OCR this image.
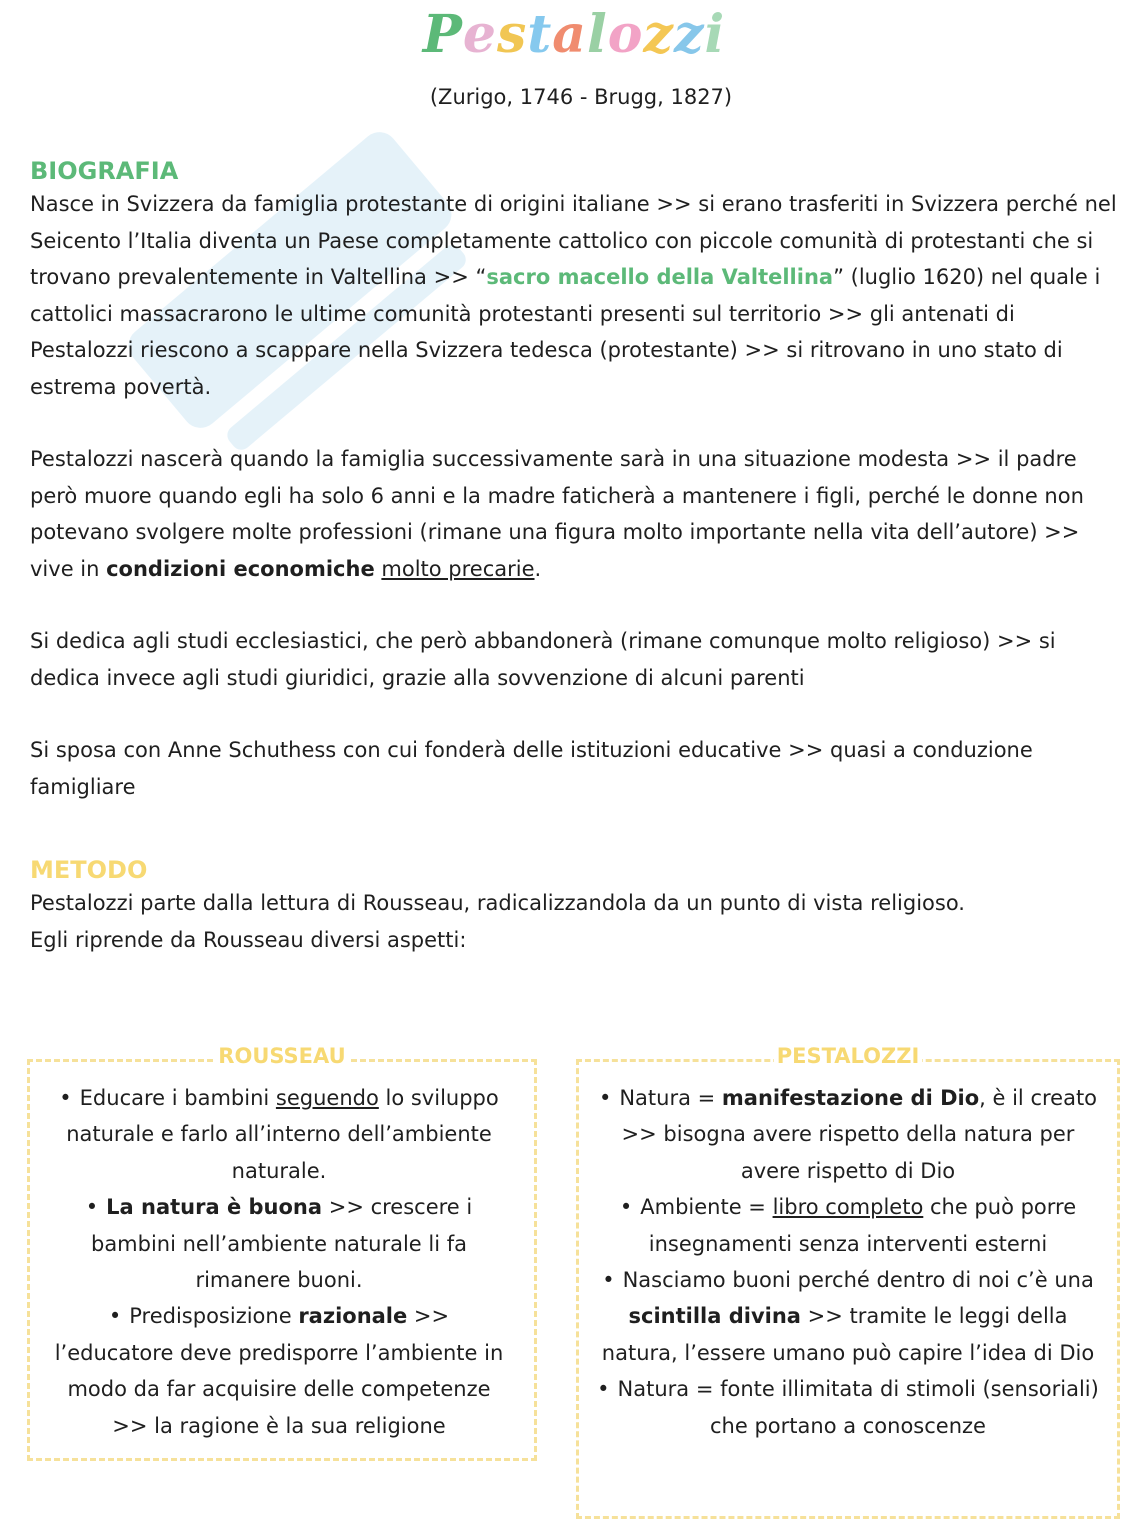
Pestalozzi
(Zurigo, 1746 - Brugg, 1827)
BIOGRAFIA

Nasce in Svizzera da famiglia protestante di origini italiane >> si erano trasferiti in Svizzera perché nel Seicento l’Italia diventa un Paese completamente cattolico con piccole comunità di protestanti che si trovano prevalentemente in Valtellina >> “sacro macello della Valtellina” (luglio 1620) nel quale i cattolici massacrarono le ultime comunità protestanti presenti sul territorio >> gli antenati di Pestalozzi riescono a scappare nella Svizzera tedesca (protestante) >> si ritrovano in uno stato di estrema povertà.

Pestalozzi nascerà quando la famiglia successivamente sarà in una situazione modesta >> il padre però muore quando egli ha solo 6 anni e la madre faticherà a mantenere i figli, perché le donne non potevano svolgere molte professioni (rimane una figura molto importante nella vita dell’autore) >> vive in condizioni economiche molto precarie.

Si dedica agli studi ecclesiastici, che però abbandonerà (rimane comunque molto religioso) >> si dedica invece agli studi giuridici, grazie alla sovvenzione di alcuni parenti

Si sposa con Anne Schuthess con cui fonderà delle istituzioni educative >> quasi a conduzione famigliare

METODO

Pestalozzi parte dalla lettura di Rousseau, radicalizzandola da un punto di vista religioso.

Egli riprende da Rousseau diversi aspetti:

ROUSSEAU
• Educare i bambini seguendo lo sviluppo naturale e farlo all’interno dell’ambiente naturale.
• La natura è buona >> crescere i bambini nell’ambiente naturale li fa rimanere buoni.
• Predisposizione razionale >> l’educatore deve predisporre l’ambiente in modo da far acquisire delle competenze >> la ragione è la sua religione
PESTALOZZI
• Natura = manifestazione di Dio, è il creato >> bisogna avere rispetto della natura per avere rispetto di Dio
• Ambiente = libro completo che può porre insegnamenti senza interventi esterni
• Nasciamo buoni perché dentro di noi c’è una scintilla divina >> tramite le leggi della natura, l’essere umano può capire l’idea di Dio
• Natura = fonte illimitata di stimoli (sensoriali) che portano a conoscenze
